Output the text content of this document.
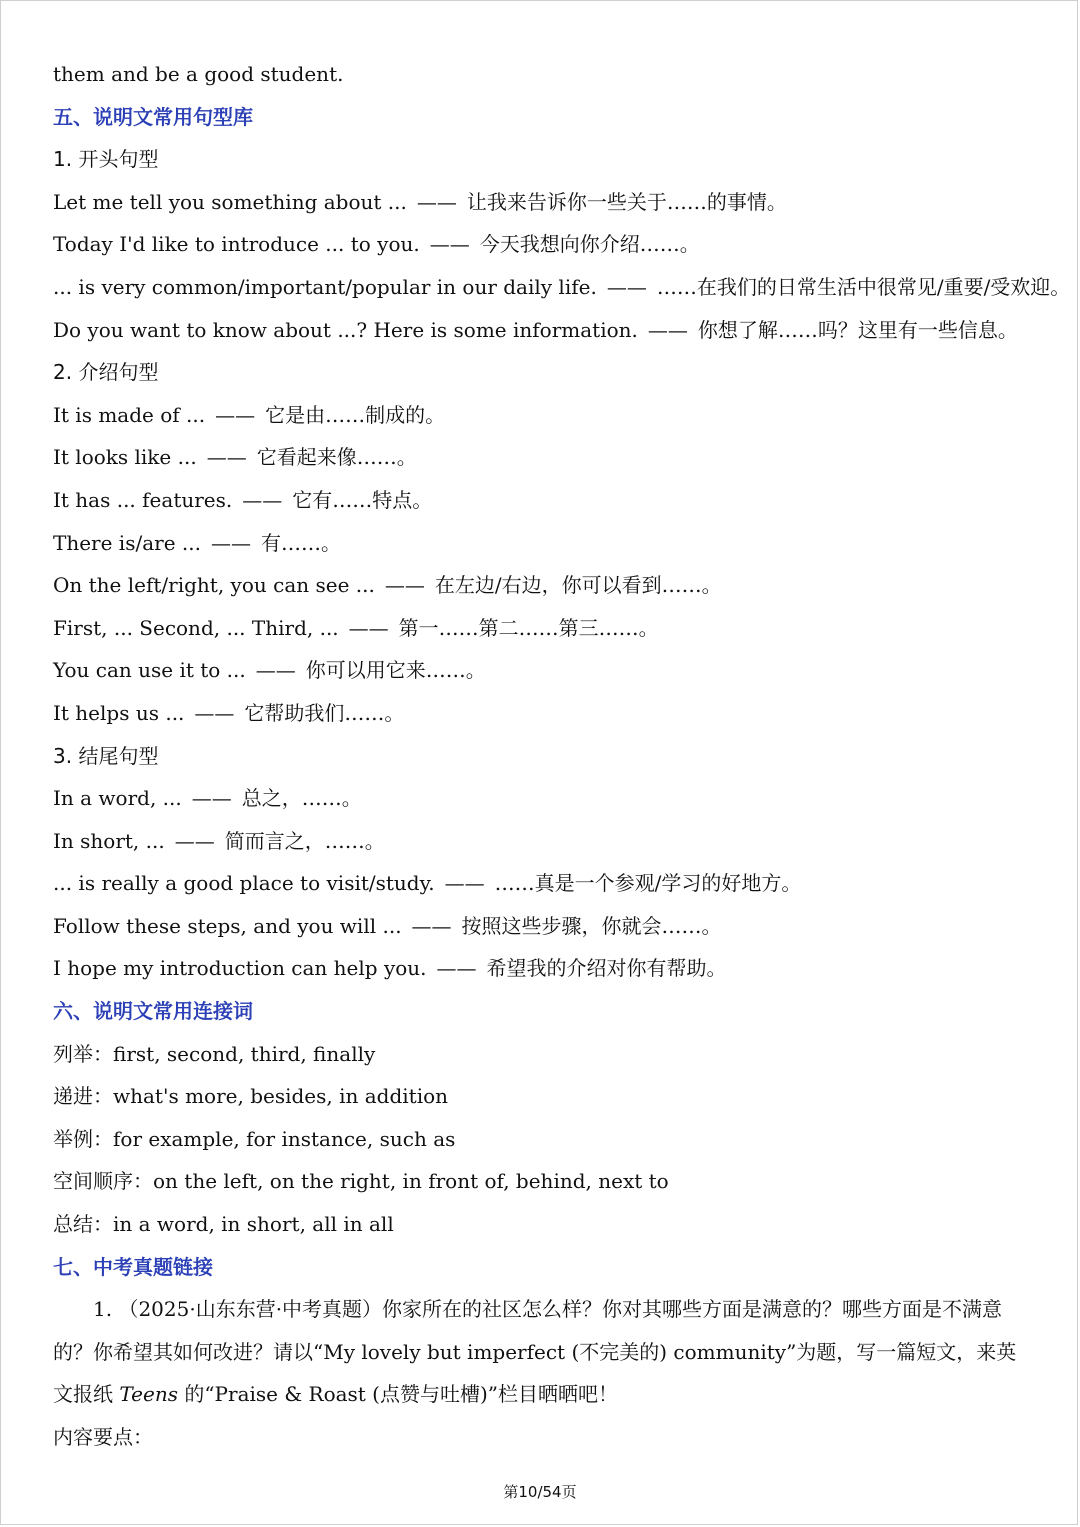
them and be a good student.
五、说明文常用句型库
1. 开头句型
Let me tell you something about ... —— 让我来告诉你一些关于……的事情。
Today I'd like to introduce ... to you. —— 今天我想向你介绍……。
... is very common/important/popular in our daily life. —— ……在我们的日常生活中很常见/重要/受欢迎。
Do you want to know about ...? Here is some information. —— 你想了解……吗？这里有一些信息。
2. 介绍句型
It is made of ... —— 它是由……制成的。
It looks like ... —— 它看起来像……。
It has ... features. —— 它有……特点。
There is/are ... —— 有……。
On the left/right, you can see ... —— 在左边/右边，你可以看到……。
First, ... Second, ... Third, ... —— 第一……第二……第三……。
You can use it to ... —— 你可以用它来……。
It helps us ... —— 它帮助我们……。
3. 结尾句型
In a word, ... —— 总之，……。
In short, ... —— 简而言之，……。
... is really a good place to visit/study. —— ……真是一个参观/学习的好地方。
Follow these steps, and you will ... —— 按照这些步骤，你就会……。
I hope my introduction can help you. —— 希望我的介绍对你有帮助。
六、说明文常用连接词
列举：first, second, third, finally
递进：what's more, besides, in addition
举例：for example, for instance, such as
空间顺序：on the left, on the right, in front of, behind, next to
总结：in a word, in short, all in all
七、中考真题链接
1. （2025·山东东营·中考真题）你家所在的社区怎么样？你对其哪些方面是满意的？哪些方面是不满意的？你希望其如何改进？请以“My lovely but imperfect (不完美的) community”为题，写一篇短文，来英文报纸 Teens 的“Praise & Roast (点赞与吐槽)”栏目晒晒吧！
内容要点：
第10/54页
